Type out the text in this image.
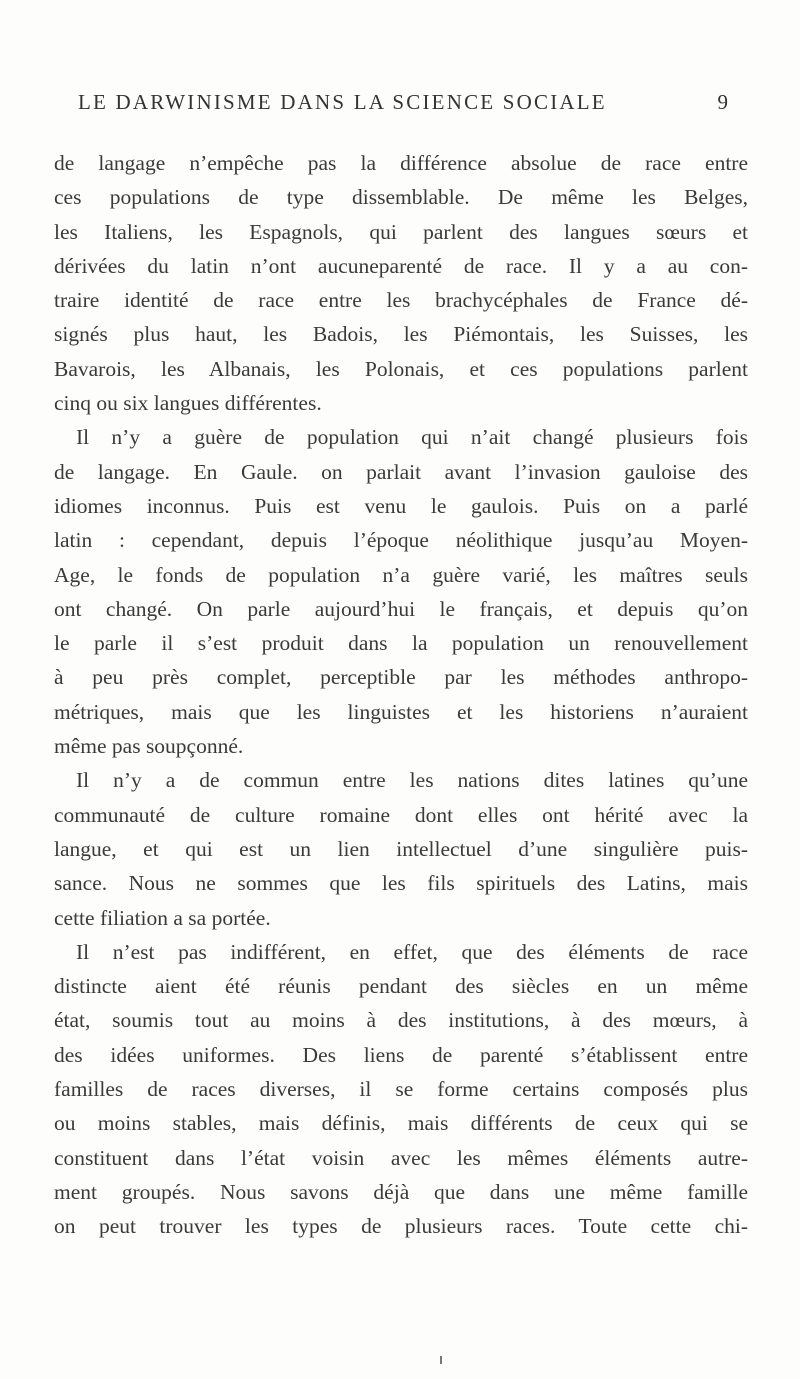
LE DARWINISME DANS LA SCIENCE SOCIALE	9
de langage n’empêche pas la différence absolue de race entre
ces populations de type dissemblable. De même les Belges,
les Italiens, les Espagnols, qui parlent des langues sœurs et
dérivées du latin n’ont aucuneparenté de race. Il y a au con-
traire identité de race entre les brachycéphales de France dé-
signés plus haut, les Badois, les Piémontais, les Suisses, les
Bavarois, les Albanais, les Polonais, et ces populations parlent
cinq ou six langues différentes.
Il n’y a guère de population qui n’ait changé plusieurs fois
de langage. En Gaule. on parlait avant l’invasion gauloise des
idiomes inconnus. Puis est venu le gaulois. Puis on a parlé
latin : cependant, depuis l’époque néolithique jusqu’au Moyen-
Age, le fonds de population n’a guère varié, les maîtres seuls
ont changé. On parle aujourd’hui le français, et depuis qu’on
le parle il s’est produit dans la population un renouvellement
à peu près complet, perceptible par les méthodes anthropo-
métriques, mais que les linguistes et les historiens n’auraient
même pas soupçonné.
Il n’y a de commun entre les nations dites latines qu’une
communauté de culture romaine dont elles ont hérité avec la
langue, et qui est un lien intellectuel d’une singulière puis-
sance. Nous ne sommes que les fils spirituels des Latins, mais
cette filiation a sa portée.
Il n’est pas indifférent, en effet, que des éléments de race
distincte aient été réunis pendant des siècles en un même
état, soumis tout au moins à des institutions, à des mœurs, à
des idées uniformes. Des liens de parenté s’établissent entre
familles de races diverses, il se forme certains composés plus
ou moins stables, mais définis, mais différents de ceux qui se
constituent dans l’état voisin avec les mêmes éléments autre-
ment groupés. Nous savons déjà que dans une même famille
on peut trouver les types de plusieurs races. Toute cette chi-
